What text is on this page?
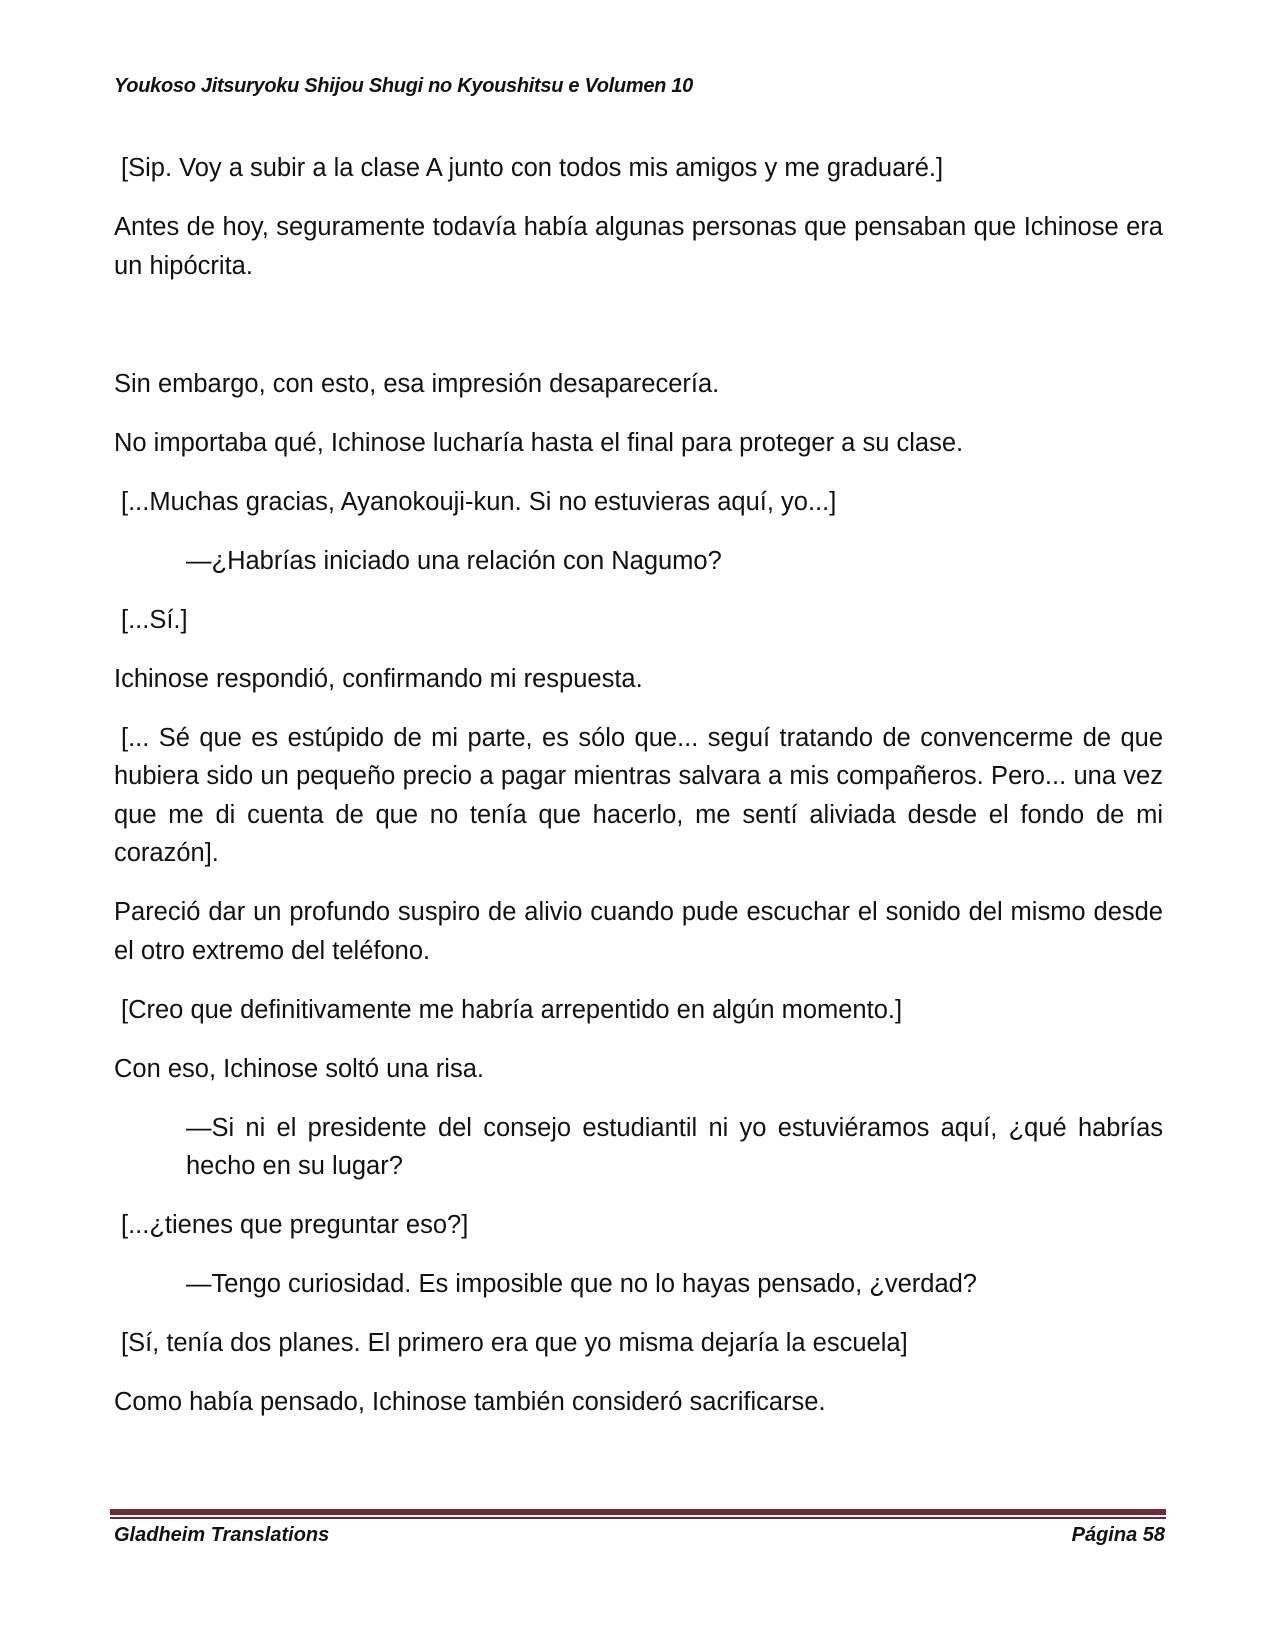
Youkoso Jitsuryoku Shijou Shugi no Kyoushitsu e Volumen 10

[Sip. Voy a subir a la clase A junto con todos mis amigos y me graduaré.]

Antes de hoy, seguramente todavía había algunas personas que pensaban que Ichinose era un hipócrita.

Sin embargo, con esto, esa impresión desaparecería.

No importaba qué, Ichinose lucharía hasta el final para proteger a su clase.

[...Muchas gracias, Ayanokouji-kun. Si no estuvieras aquí, yo...]

—¿Habrías iniciado una relación con Nagumo?

[...Sí.]

Ichinose respondió, confirmando mi respuesta.

[... Sé que es estúpido de mi parte, es sólo que... seguí tratando de convencerme de que hubiera sido un pequeño precio a pagar mientras salvara a mis compañeros. Pero... una vez que me di cuenta de que no tenía que hacerlo, me sentí aliviada desde el fondo de mi corazón].

Pareció dar un profundo suspiro de alivio cuando pude escuchar el sonido del mismo desde el otro extremo del teléfono.

[Creo que definitivamente me habría arrepentido en algún momento.]

Con eso, Ichinose soltó una risa.

—Si ni el presidente del consejo estudiantil ni yo estuviéramos aquí, ¿qué habrías hecho en su lugar?

[...¿tienes que preguntar eso?]

—Tengo curiosidad. Es imposible que no lo hayas pensado, ¿verdad?

[Sí, tenía dos planes. El primero era que yo misma dejaría la escuela]

Como había pensado, Ichinose también consideró sacrificarse.

Gladheim Translations	Página 58
